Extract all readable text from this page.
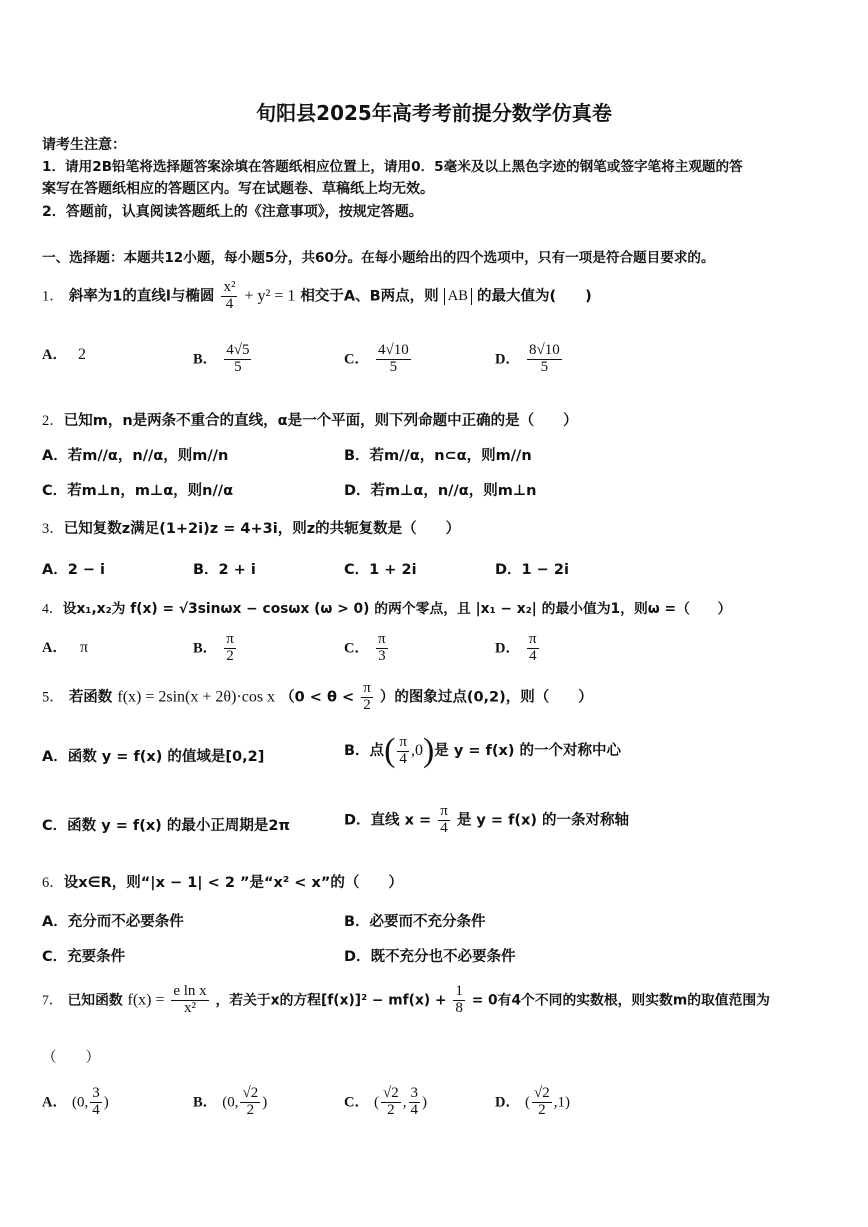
旬阳县2025年高考考前提分数学仿真卷
请考生注意：
1．请用2B铅笔将选择题答案涂填在答题纸相应位置上，请用0．5毫米及以上黑色字迹的钢笔或签字笔将主观题的答
案写在答题纸相应的答题区内。写在试题卷、草稿纸上均无效。
2．答题前，认真阅读答题纸上的《注意事项》，按规定答题。
一、选择题：本题共12小题，每小题5分，共60分。在每小题给出的四个选项中，只有一项是符合题目要求的。
1． 斜率为1的直线l与椭圆 $\frac{\text{x²}}{4} + y^2 = 1$ 相交于A、B两点，则 AB 的最大值为(　　)
A． 2	B． $\frac{4√5}{5}$	C． $\frac{4√10}{5}$	D． $\frac{8√10}{5}$
2．已知m，n是两条不重合的直线，α是一个平面，则下列命题中正确的是（　　）
A．若m//α，n//α，则m//n	B．若m//α，n⊂α，则m//n
C．若m⊥n，m⊥α，则n//α	D．若m⊥α，n//α，则m⊥n
3．已知复数z满足(1+2i)z = 4+3i，则z的共轭复数是（　　）
A．2 − i	B．2 + i	C．1 + 2i	D．1 − 2i
4．设x₁,x₂为 f(x) = √3sinωx − cosωx (ω > 0) 的两个零点，且 |x₁ − x₂| 的最小值为1，则ω =（　　）
A． π	B． $\frac{\pi}{2}$	C． $\frac{\pi}{3}$	D． $\frac{\pi}{4}$
5． 若函数 f(x) = 2sin(x + 2θ)·cos x （$0 < \theta < \frac{\pi}{2}$ ）的图象过点(0,2)，则（　　）
A．函数 y = f(x) 的值域是[0,2]	B．点( $\frac{\pi}{4} ,0$)是 y = f(x) 的一个对称中心
C．函数 y = f(x) 的最小正周期是2π	D．直线 $x = \frac{\pi}{4}$ 是 y = f(x) 的一条对称轴
6．设x∈R，则“|x − 1| < 2 ”是“x² < x”的（　　）
A．充分而不必要条件	B．必要而不充分条件
C．充要条件	D．既不充分也不必要条件
7． 已知函数 $f(x) = \frac{\text{e ln x}}{\text{x²}}$ ，若关于x的方程$[f(x)]^2 - mf(x) + \frac{1}{8} = 0$有4个不同的实数根，则实数m的取值范围为
（　　）
A． (0, $\frac{3}{4}$ )	B． (0, $\frac{√2}{2}$ )	C． ( $\frac{√2}{2}$ , $\frac{3}{4}$ )	D． ( $\frac{√2}{2} ,1$)
